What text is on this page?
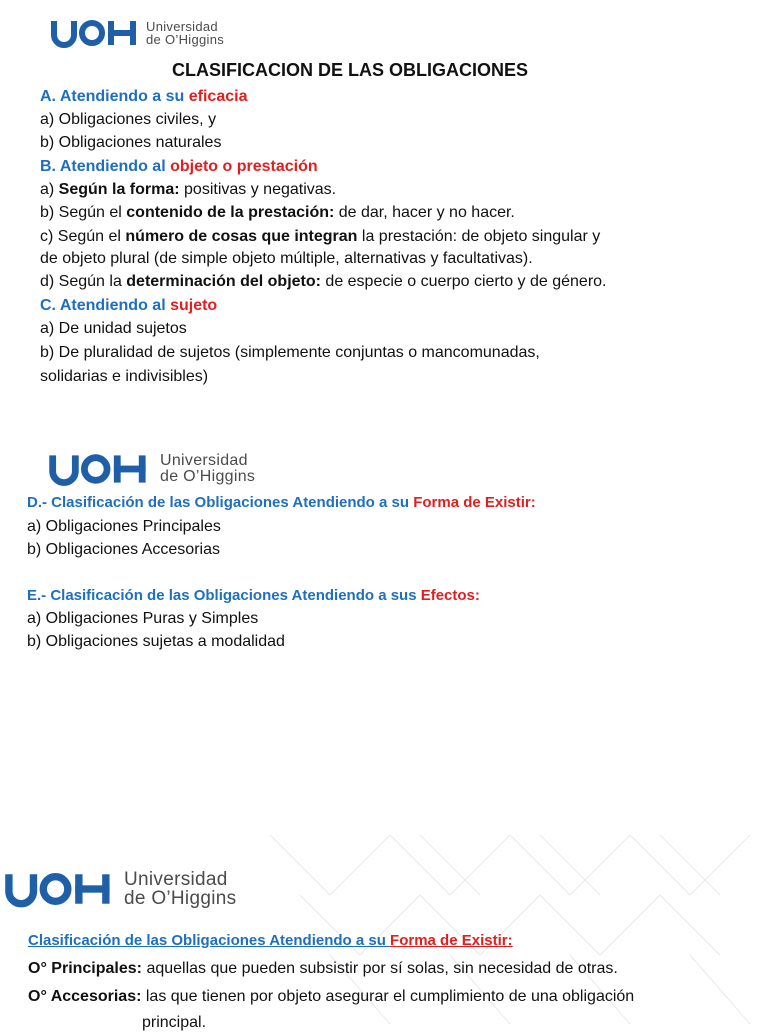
Universidad
de O’Higgins
CLASIFICACION DE LAS OBLIGACIONES
A. Atendiendo a su eficacia
a) Obligaciones civiles, y
b) Obligaciones naturales
B. Atendiendo al objeto o prestación
a) Según la forma: positivas y negativas.
b) Según el contenido de la prestación: de dar, hacer y no hacer.
c) Según el número de cosas que integran la prestación: de objeto singular y
de objeto plural (de simple objeto múltiple, alternativas y facultativas).
d) Según la determinación del objeto: de especie o cuerpo cierto y de género.
C. Atendiendo al sujeto
a) De unidad sujetos
b) De pluralidad de sujetos (simplemente conjuntas o mancomunadas,
solidarias e indivisibles)
Universidad
de O’Higgins
D.- Clasificación de las Obligaciones Atendiendo a su Forma de Existir:
a) Obligaciones Principales
b) Obligaciones Accesorias
E.- Clasificación de las Obligaciones Atendiendo a sus Efectos:
a) Obligaciones Puras y Simples
b) Obligaciones sujetas a modalidad
Universidad
de O’Higgins
Clasificación de las Obligaciones Atendiendo a su Forma de Existir:
O° Principales: aquellas que pueden subsistir por sí solas, sin necesidad de otras.
O° Accesorias: las que tienen por objeto asegurar el cumplimiento de una obligación
principal.
